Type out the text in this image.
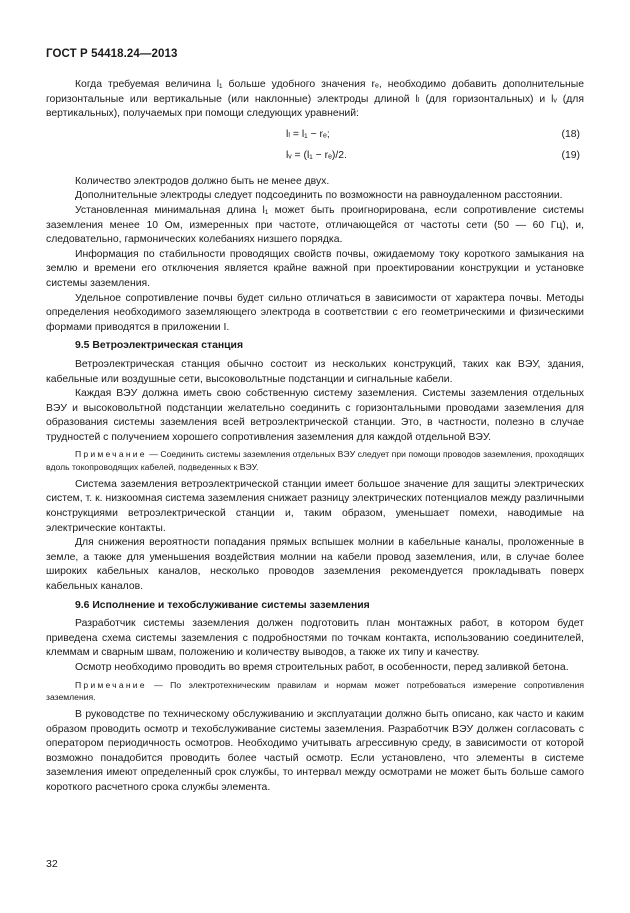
ГОСТ Р 54418.24—2013

Когда требуемая величина l₁ больше удобного значения rₑ, необходимо добавить дополнительные горизонтальные или вертикальные (или наклонные) электроды длиной lₗ (для горизонтальных) и lᵥ (для вертикальных), получаемых при помощи следующих уравнений:

lₗ = l₁ − rₑ;	(18)
lᵥ = (l₁ − rₑ)/2.	(19)

Количество электродов должно быть не менее двух.

Дополнительные электроды следует подсоединить по возможности на равноудаленном расстоянии.

Установленная минимальная длина l₁ может быть проигнорирована, если сопротивление системы заземления менее 10 Ом, измеренных при частоте, отличающейся от частоты сети (50 — 60 Гц), и, следовательно, гармонических колебаниях низшего порядка.

Информация по стабильности проводящих свойств почвы, ожидаемому току короткого замыкания на землю и времени его отключения является крайне важной при проектировании конструкции и установке системы заземления.

Удельное сопротивление почвы будет сильно отличаться в зависимости от характера почвы. Методы определения необходимого заземляющего электрода в соответствии с его геометрическими и физическими формами приводятся в приложении I.

9.5 Ветроэлектрическая станция

Ветроэлектрическая станция обычно состоит из нескольких конструкций, таких как ВЭУ, здания, кабельные или воздушные сети, высоковольтные подстанции и сигнальные кабели.

Каждая ВЭУ должна иметь свою собственную систему заземления. Системы заземления отдельных ВЭУ и высоковольтной подстанции желательно соединить с горизонтальными проводами заземления для образования системы заземления всей ветроэлектрической станции. Это, в частности, полезно в случае трудностей с получением хорошего сопротивления заземления для каждой отдельной ВЭУ.

Примечание — Соединить системы заземления отдельных ВЭУ следует при помощи проводов заземления, проходящих вдоль токопроводящих кабелей, подведенных к ВЭУ.

Система заземления ветроэлектрической станции имеет большое значение для защиты электрических систем, т. к. низкоомная система заземления снижает разницу электрических потенциалов между различными конструкциями ветроэлектрической станции и, таким образом, уменьшает помехи, наводимые на электрические контакты.

Для снижения вероятности попадания прямых вспышек молнии в кабельные каналы, проложенные в земле, а также для уменьшения воздействия молнии на кабели провод заземления, или, в случае более широких кабельных каналов, несколько проводов заземления рекомендуется прокладывать поверх кабельных каналов.

9.6 Исполнение и техобслуживание системы заземления

Разработчик системы заземления должен подготовить план монтажных работ, в котором будет приведена схема системы заземления с подробностями по точкам контакта, использованию соединителей, клеммам и сварным швам, положению и количеству выводов, а также их типу и качеству.

Осмотр необходимо проводить во время строительных работ, в особенности, перед заливкой бетона.

Примечание — По электротехническим правилам и нормам может потребоваться измерение сопротивления заземления.

В руководстве по техническому обслуживанию и эксплуатации должно быть описано, как часто и каким образом проводить осмотр и техобслуживание системы заземления. Разработчик ВЭУ должен согласовать с оператором периодичность осмотров. Необходимо учитывать агрессивную среду, в зависимости от которой возможно понадобится проводить более частый осмотр. Если установлено, что элементы в системе заземления имеют определенный срок службы, то интервал между осмотрами не может быть больше самого короткого расчетного срока службы элемента.

32
